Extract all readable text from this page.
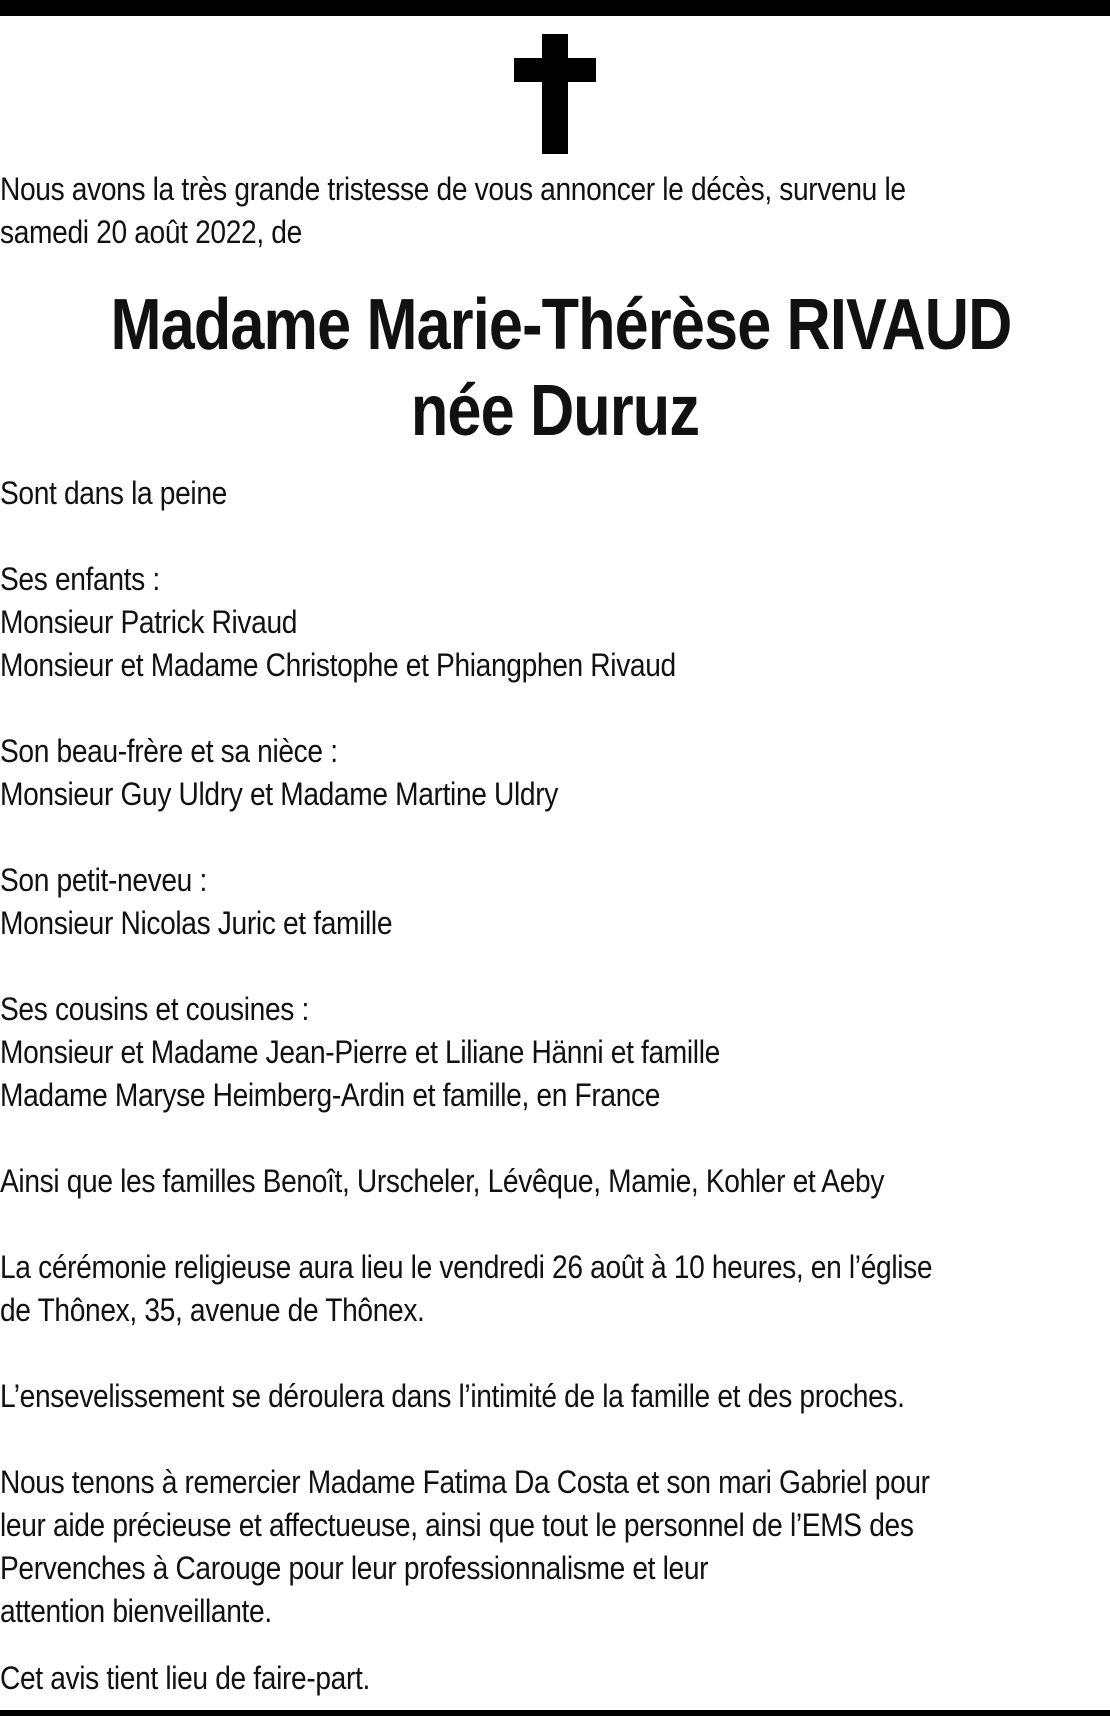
Nous avons la très grande tristesse de vous annoncer le décès, survenu le
samedi 20 août 2022, de

Madame Marie-Thérèse RIVAUD
née Duruz

Sont dans la peine

Ses enfants :

Monsieur Patrick Rivaud

Monsieur et Madame Christophe et Phiangphen Rivaud

Son beau-frère et sa nièce :

Monsieur Guy Uldry et Madame Martine Uldry

Son petit-neveu :

Monsieur Nicolas Juric et famille

Ses cousins et cousines :

Monsieur et Madame Jean-Pierre et Liliane Hänni et famille

Madame Maryse Heimberg-Ardin et famille, en France

Ainsi que les familles Benoît, Urscheler, Lévêque, Mamie, Kohler et Aeby

La cérémonie religieuse aura lieu le vendredi 26 août à 10 heures, en l’église
de Thônex, 35, avenue de Thônex.

L’ensevelissement se déroulera dans l’intimité de la famille et des proches.

Nous tenons à remercier Madame Fatima Da Costa et son mari Gabriel pour
leur aide précieuse et affectueuse, ainsi que tout le personnel de l’EMS des
Pervenches à Carouge pour leur professionnalisme et leur
attention bienveillante.

Cet avis tient lieu de faire-part.
